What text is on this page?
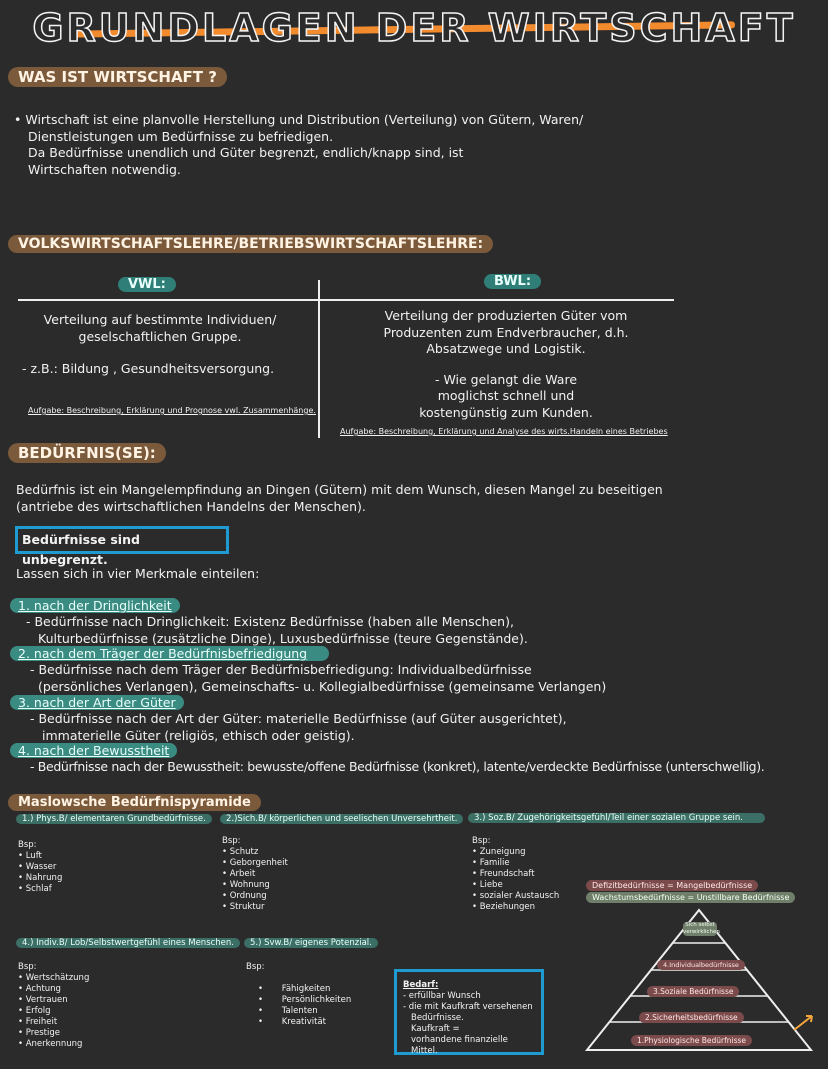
GRUNDLAGEN DER WIRTSCHAFT
WAS IST WIRTSCHAFT ?
• Wirtschaft ist eine planvolle Herstellung und Distribution (Verteilung) von Gütern, Waren/
Dienstleistungen um Bedürfnisse zu befriedigen.
Da Bedürfnisse unendlich und Güter begrenzt, endlich/knapp sind, ist
Wirtschaften notwendig.
VOLKSWIRTSCHAFTSLEHRE/BETRIEBSWIRTSCHAFTSLEHRE:
VWL:	BWL:
Verteilung auf bestimmte Individuen/
geselschaftlichen Gruppe.
- z.B.: Bildung , Gesundheitsversorgung.
Aufgabe: Beschreibung, Erklärung und Prognose vwl. Zusammenhänge.
Verteilung der produzierten Güter vom
Produzenten zum Endverbraucher, d.h.
Absatzwege und Logistik.
- Wie gelangt die Ware
moglichst schnell und
kostengünstig zum Kunden.
Aufgabe: Beschreibung, Erklärung und Analyse des wirts.Handeln eines Betriebes
BEDÜRFNIS(SE):
Bedürfnis ist ein Mangelempfindung an Dingen (Gütern) mit dem Wunsch, diesen Mangel zu beseitigen
(antriebe des wirtschaftlichen Handelns der Menschen).
Bedürfnisse sind unbegrenzt.
Lassen sich in vier Merkmale einteilen:
1. nach der Dringlichkeit
- Bedürfnisse nach Dringlichkeit: Existenz Bedürfnisse (haben alle Menschen),
Kulturbedürfnisse (zusätzliche Dinge), Luxusbedürfnisse (teure Gegenstände).
2. nach dem Träger der Bedürfnisbefriedigung
- Bedürfnisse nach dem Träger der Bedürfnisbefriedigung: Individualbedürfnisse
(persönliches Verlangen), Gemeinschafts- u. Kollegialbedürfnisse (gemeinsame Verlangen)
3. nach der Art der Güter
- Bedürfnisse nach der Art der Güter: materielle Bedürfnisse (auf Güter ausgerichtet),
immaterielle Güter (religiös, ethisch oder geistig).
4. nach der Bewusstheit
- Bedürfnisse nach der Bewusstheit: bewusste/offene Bedürfnisse (konkret), latente/verdeckte Bedürfnisse (unterschwellig).
Maslowsche Bedürfnispyramide
1.) Phys.B/ elementaren Grundbedürfnisse.
Bsp:
• Luft
• Wasser
• Nahrung
• Schlaf
2.)Sich.B/ körperlichen und seelischen Unversehrtheit.
Bsp:
• Schutz
• Geborgenheit
• Arbeit
• Wohnung
• Ordnung
• Struktur
3.) Soz.B/ Zugehörigkeitsgefühl/Teil einer sozialen Gruppe sein.
Bsp:
• Zuneigung
• Familie
• Freundschaft
• Liebe
• sozialer Austausch
• Beziehungen
4.) Indiv.B/ Lob/Selbstwertgefühl eines Menschen.
Bsp:
• Wertschätzung
• Achtung
• Vertrauen
• Erfolg
• Freiheit
• Prestige
• Anerkennung
5.) Svw.B/ eigenes Potenzial.
Bsp:
• Fähigkeiten
• Persönlichkeiten
• Talenten
• Kreativität
Bedarf:
- erfüllbar Wunsch
- die mit Kaufkraft versehenen
Bedürfnisse.
Kaufkraft =
vorhandene finanzielle Mittel.
Defizitbedürfnisse = Mangelbedürfnisse
Wachstumsbedürfnisse = Unstillbare Bedürfnisse
Sich selbst verwirklichen
4.Individualbedürfnisse
3.Soziale Bedürfnisse
2.Sicherheitsbedürfnisse
1.Physiologische Bedürfnisse
